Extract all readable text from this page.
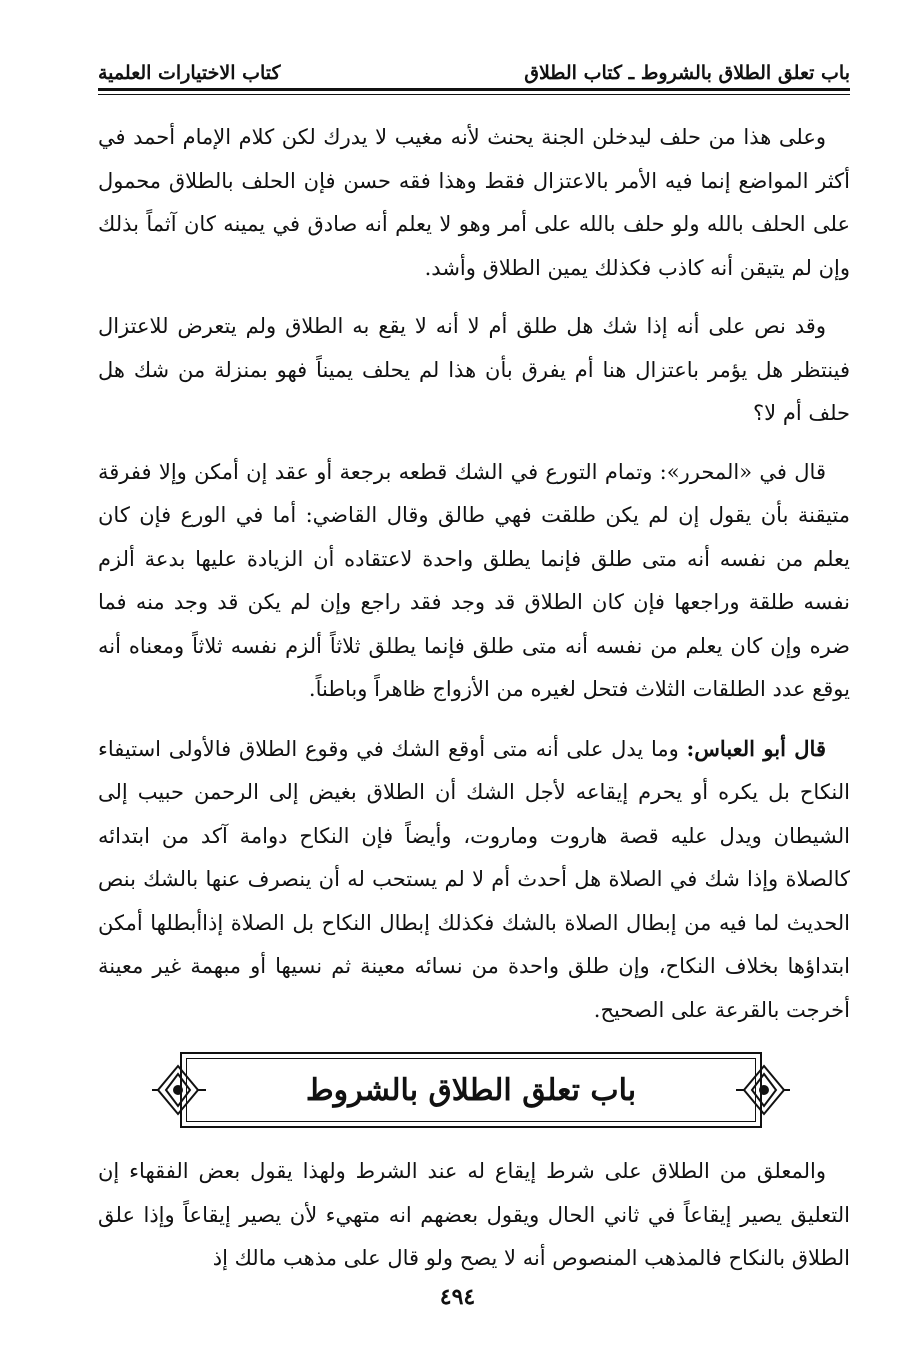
باب تعلق الطلاق بالشروط ـ كتاب الطلاق
كتاب الاختيارات العلمية

وعلى هذا من حلف ليدخلن الجنة يحنث لأنه مغيب لا يدرك لكن كلام الإمام أحمد في أكثر المواضع إنما فيه الأمر بالاعتزال فقط وهذا فقه حسن فإن الحلف بالطلاق محمول على الحلف بالله ولو حلف بالله على أمر وهو لا يعلم أنه صادق في يمينه كان آثماً بذلك وإن لم يتيقن أنه كاذب فكذلك يمين الطلاق وأشد.

وقد نص على أنه إذا شك هل طلق أم لا أنه لا يقع به الطلاق ولم يتعرض للاعتزال فينتظر هل يؤمر باعتزال هنا أم يفرق بأن هذا لم يحلف يميناً فهو بمنزلة من شك هل حلف أم لا؟

قال في «المحرر»: وتمام التورع في الشك قطعه برجعة أو عقد إن أمكن وإلا ففرقة متيقنة بأن يقول إن لم يكن طلقت فهي طالق وقال القاضي: أما في الورع فإن كان يعلم من نفسه أنه متى طلق فإنما يطلق واحدة لاعتقاده أن الزيادة عليها بدعة ألزم نفسه طلقة وراجعها فإن كان الطلاق قد وجد فقد راجع وإن لم يكن قد وجد منه فما ضره وإن كان يعلم من نفسه أنه متى طلق فإنما يطلق ثلاثاً ألزم نفسه ثلاثاً ومعناه أنه يوقع عدد الطلقات الثلاث فتحل لغيره من الأزواج ظاهراً وباطناً.

قال أبو العباس: وما يدل على أنه متى أوقع الشك في وقوع الطلاق فالأولى استيفاء النكاح بل يكره أو يحرم إيقاعه لأجل الشك أن الطلاق بغيض إلى الرحمن حبيب إلى الشيطان ويدل عليه قصة هاروت وماروت، وأيضاً فإن النكاح دوامة آكد من ابتدائه كالصلاة وإذا شك في الصلاة هل أحدث أم لا لم يستحب له أن ينصرف عنها بالشك بنص الحديث لما فيه من إبطال الصلاة بالشك فكذلك إبطال النكاح بل الصلاة إذاأبطلها أمكن ابتداؤها بخلاف النكاح، وإن طلق واحدة من نسائه معينة ثم نسيها أو مبهمة غير معينة أخرجت بالقرعة على الصحيح.

باب تعلق الطلاق بالشروط

والمعلق من الطلاق على شرط إيقاع له عند الشرط ولهذا يقول بعض الفقهاء إن التعليق يصير إيقاعاً في ثاني الحال ويقول بعضهم انه متهيء لأن يصير إيقاعاً وإذا علق الطلاق بالنكاح فالمذهب المنصوص أنه لا يصح ولو قال على مذهب مالك إذ

٤٩٤
